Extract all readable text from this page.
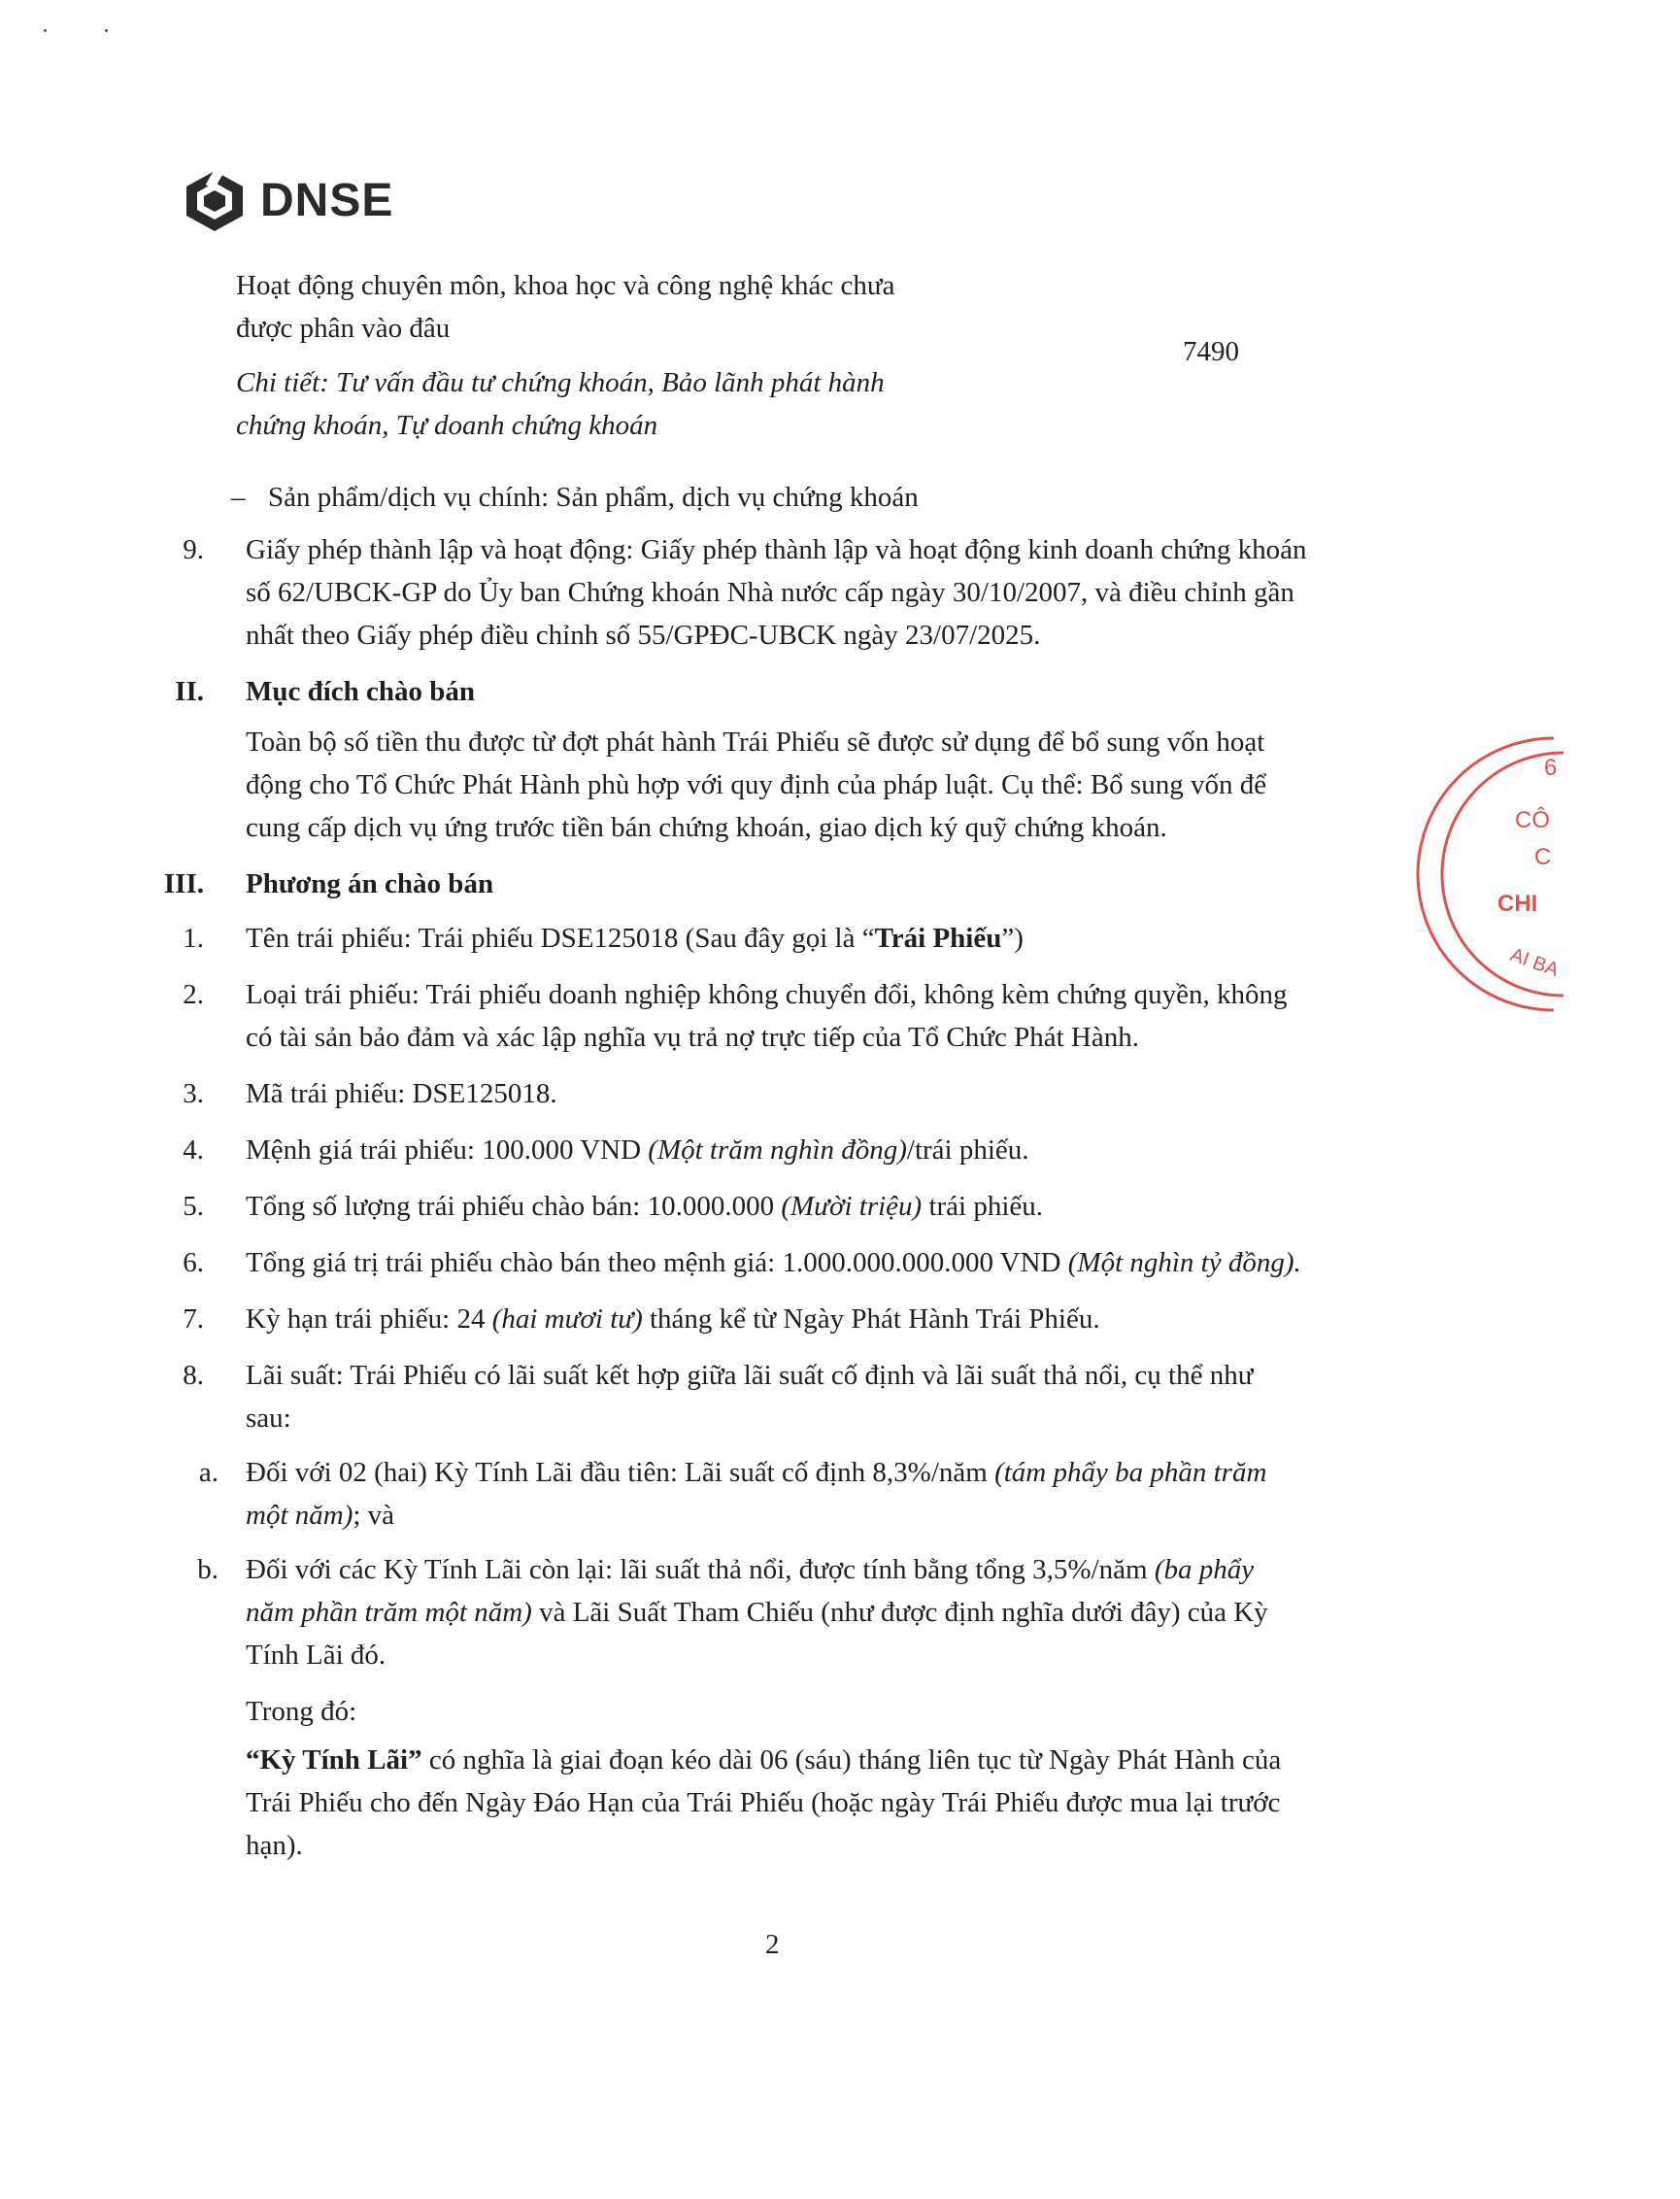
DNSE
Hoạt động chuyên môn, khoa học và công nghệ khác chưa
được phân vào đâu
7490
Chi tiết: Tư vấn đầu tư chứng khoán, Bảo lãnh phát hành
chứng khoán, Tự doanh chứng khoán
– Sản phẩm/dịch vụ chính: Sản phẩm, dịch vụ chứng khoán
9. Giấy phép thành lập và hoạt động: Giấy phép thành lập và hoạt động kinh doanh chứng khoán
số 62/UBCK-GP do Ủy ban Chứng khoán Nhà nước cấp ngày 30/10/2007, và điều chỉnh gần
nhất theo Giấy phép điều chỉnh số 55/GPĐC-UBCK ngày 23/07/2025.
II. Mục đích chào bán
Toàn bộ số tiền thu được từ đợt phát hành Trái Phiếu sẽ được sử dụng để bổ sung vốn hoạt
động cho Tổ Chức Phát Hành phù hợp với quy định của pháp luật. Cụ thể: Bổ sung vốn để
cung cấp dịch vụ ứng trước tiền bán chứng khoán, giao dịch ký quỹ chứng khoán.
III. Phương án chào bán
1. Tên trái phiếu: Trái phiếu DSE125018 (Sau đây gọi là “Trái Phiếu”)
2. Loại trái phiếu: Trái phiếu doanh nghiệp không chuyển đổi, không kèm chứng quyền, không
có tài sản bảo đảm và xác lập nghĩa vụ trả nợ trực tiếp của Tổ Chức Phát Hành.
3. Mã trái phiếu: DSE125018.
4. Mệnh giá trái phiếu: 100.000 VND (Một trăm nghìn đồng)/trái phiếu.
5. Tổng số lượng trái phiếu chào bán: 10.000.000 (Mười triệu) trái phiếu.
6. Tổng giá trị trái phiếu chào bán theo mệnh giá: 1.000.000.000.000 VND (Một nghìn tỷ đồng).
7. Kỳ hạn trái phiếu: 24 (hai mươi tư) tháng kể từ Ngày Phát Hành Trái Phiếu.
8. Lãi suất: Trái Phiếu có lãi suất kết hợp giữa lãi suất cố định và lãi suất thả nổi, cụ thể như
sau:
a. Đối với 02 (hai) Kỳ Tính Lãi đầu tiên: Lãi suất cố định 8,3%/năm (tám phẩy ba phần trăm
một năm); và
b. Đối với các Kỳ Tính Lãi còn lại: lãi suất thả nổi, được tính bằng tổng 3,5%/năm (ba phẩy
năm phần trăm một năm) và Lãi Suất Tham Chiếu (như được định nghĩa dưới đây) của Kỳ
Tính Lãi đó.
Trong đó:
“Kỳ Tính Lãi” có nghĩa là giai đoạn kéo dài 06 (sáu) tháng liên tục từ Ngày Phát Hành của
Trái Phiếu cho đến Ngày Đáo Hạn của Trái Phiếu (hoặc ngày Trái Phiếu được mua lại trước
hạn).
2
6
CÔ
C
CHI
AI BA
